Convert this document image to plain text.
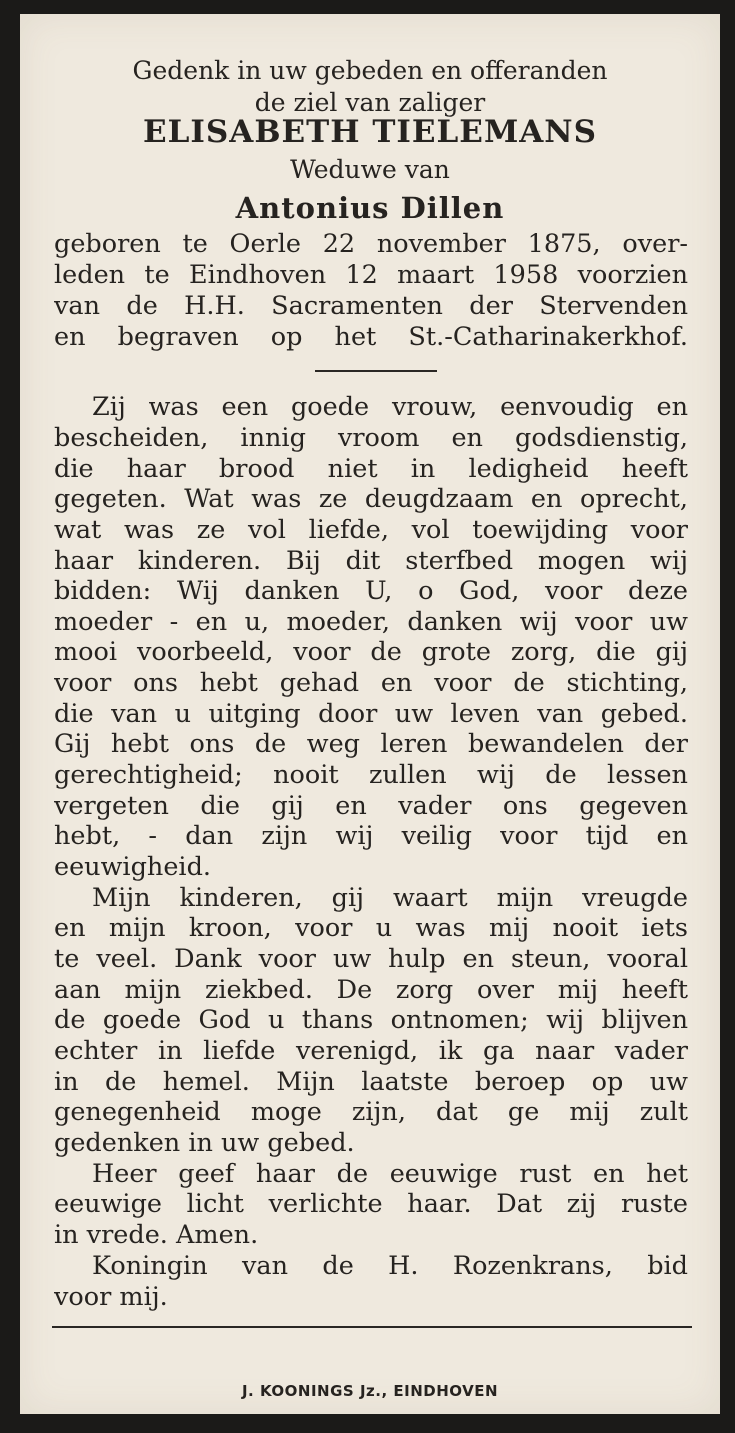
Gedenk in uw gebeden en offeranden
de ziel van zaliger
ELISABETH TIELEMANS
Weduwe van
Antonius Dillen
geboren te Oerle 22 november 1875, over-
leden te Eindhoven 12 maart 1958 voorzien
van de H.H. Sacramenten der Stervenden
en begraven op het St.-Catharinakerkhof.
Zij was een goede vrouw, eenvoudig en
bescheiden, innig vroom en godsdienstig,
die haar brood niet in ledigheid heeft
gegeten. Wat was ze deugdzaam en oprecht,
wat was ze vol liefde, vol toewijding voor
haar kinderen. Bij dit sterfbed mogen wij
bidden: Wij danken U, o God, voor deze
moeder - en u, moeder, danken wij voor uw
mooi voorbeeld, voor de grote zorg, die gij
voor ons hebt gehad en voor de stichting,
die van u uitging door uw leven van gebed.
Gij hebt ons de weg leren bewandelen der
gerechtigheid; nooit zullen wij de lessen
vergeten die gij en vader ons gegeven
hebt, - dan zijn wij veilig voor tijd en
eeuwigheid.
Mijn kinderen, gij waart mijn vreugde
en mijn kroon, voor u was mij nooit iets
te veel. Dank voor uw hulp en steun, vooral
aan mijn ziekbed. De zorg over mij heeft
de goede God u thans ontnomen; wij blijven
echter in liefde verenigd, ik ga naar vader
in de hemel. Mijn laatste beroep op uw
genegenheid moge zijn, dat ge mij zult
gedenken in uw gebed.
Heer geef haar de eeuwige rust en het
eeuwige licht verlichte haar. Dat zij ruste
in vrede. Amen.
Koningin van de H. Rozenkrans, bid
voor mij.
J. KOONINGS Jz., EINDHOVEN
